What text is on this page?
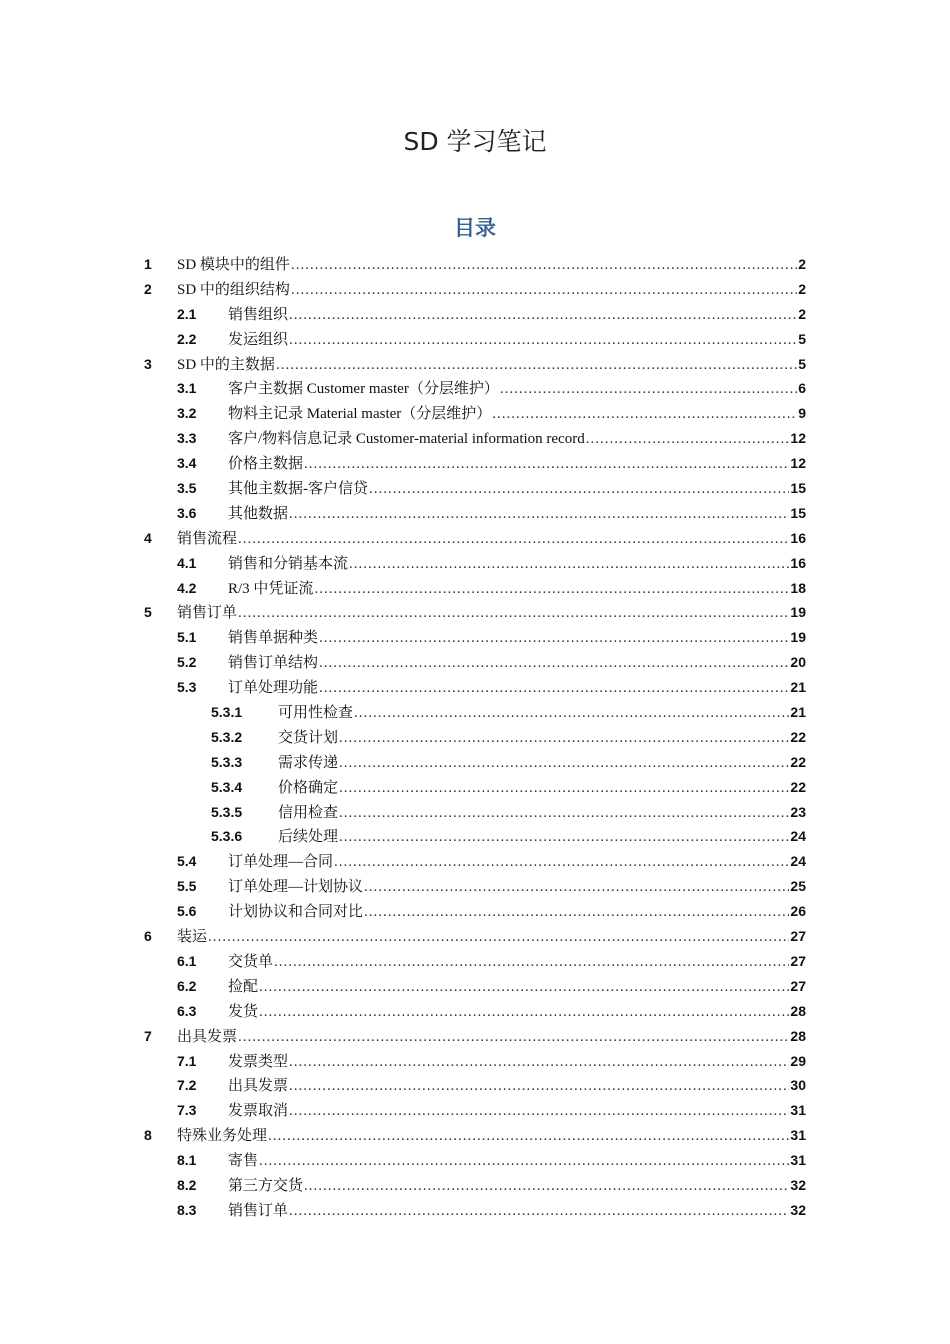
SD 学习笔记
目录
1 SD 模块中的组件 .....	2
2 SD 中的组织结构 .....	2
2.1 销售组织 .....	2
2.2 发运组织 .....	5
3 SD 中的主数据 .....	5
3.1 客户主数据 Customer master（分层维护） .....	6
3.2 物料主记录 Material master（分层维护） .....	9
3.3 客户/物料信息记录 Customer-material information record .....	12
3.4 价格主数据 .....	12
3.5 其他主数据-客户信贷 .....	15
3.6 其他数据 .....	15
4 销售流程 .....	16
4.1 销售和分销基本流 .....	16
4.2 R/3 中凭证流 .....	18
5 销售订单 .....	19
5.1 销售单据种类 .....	19
5.2 销售订单结构 .....	20
5.3 订单处理功能 .....	21
5.3.1 可用性检查 .....	21
5.3.2 交货计划 .....	22
5.3.3 需求传递 .....	22
5.3.4 价格确定 .....	22
5.3.5 信用检查 .....	23
5.3.6 后续处理 .....	24
5.4 订单处理—合同 .....	24
5.5 订单处理—计划协议 .....	25
5.6 计划协议和合同对比 .....	26
6 装运 .....	27
6.1 交货单 .....	27
6.2 捡配 .....	27
6.3 发货 .....	28
7 出具发票 .....	28
7.1 发票类型 .....	29
7.2 出具发票 .....	30
7.3 发票取消 .....	31
8 特殊业务处理 .....	31
8.1 寄售 .....	31
8.2 第三方交货 .....	32
8.3 销售订单 .....	32
